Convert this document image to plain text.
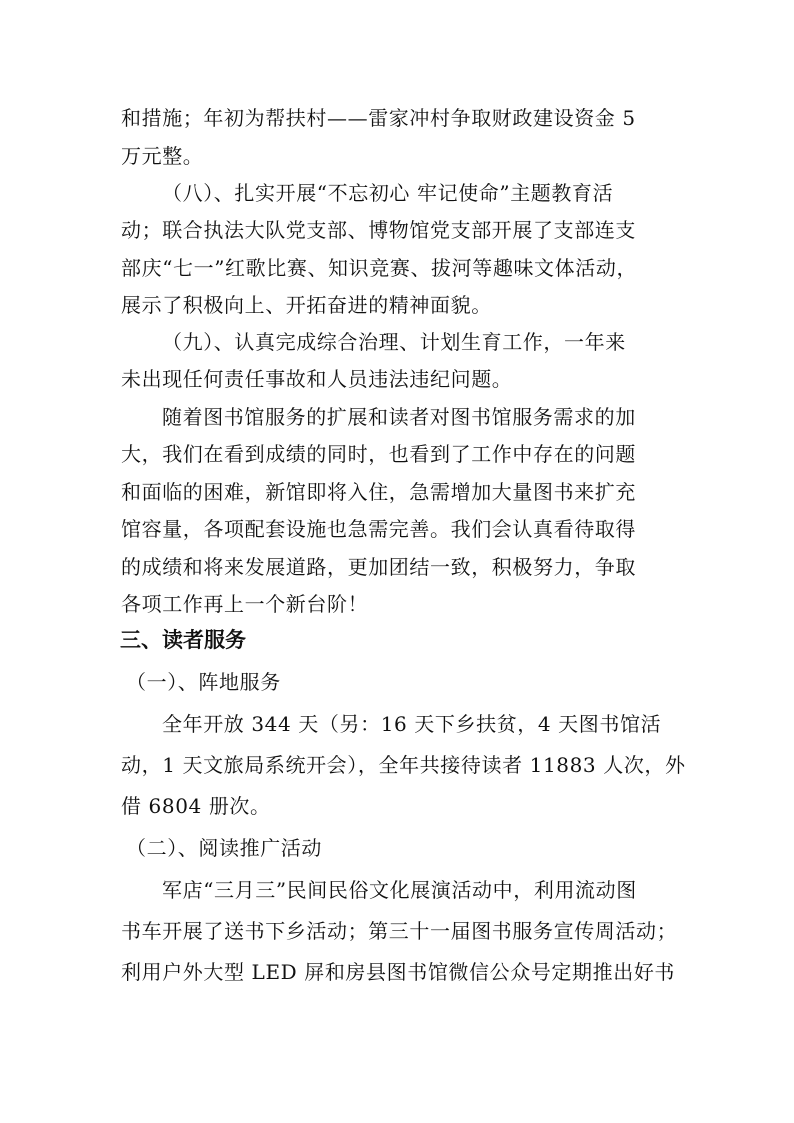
和措施；年初为帮扶村——雷家冲村争取财政建设资金 5
万元整。
（八）、扎实开展“不忘初心 牢记使命”主题教育活
动；联合执法大队党支部、博物馆党支部开展了支部连支
部庆“七一”红歌比赛、知识竞赛、拔河等趣味文体活动，
展示了积极向上、开拓奋进的精神面貌。
（九）、认真完成综合治理、计划生育工作，一年来
未出现任何责任事故和人员违法违纪问题。
随着图书馆服务的扩展和读者对图书馆服务需求的加
大，我们在看到成绩的同时，也看到了工作中存在的问题
和面临的困难，新馆即将入住，急需增加大量图书来扩充
馆容量，各项配套设施也急需完善。我们会认真看待取得
的成绩和将来发展道路，更加团结一致，积极努力，争取
各项工作再上一个新台阶！
三、读者服务
（一）、阵地服务
全年开放 344 天（另：16 天下乡扶贫，4 天图书馆活
动，1 天文旅局系统开会），全年共接待读者 11883 人次，外
借 6804 册次。
（二）、阅读推广活动
军店“三月三”民间民俗文化展演活动中，利用流动图
书车开展了送书下乡活动；第三十一届图书服务宣传周活动；
利用户外大型 LED 屏和房县图书馆微信公众号定期推出好书
